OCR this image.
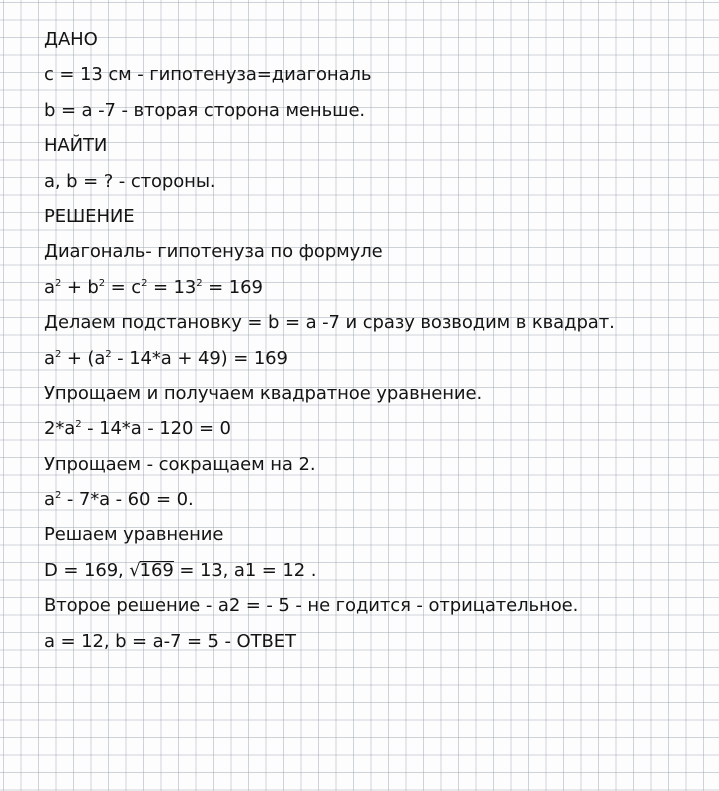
ДАНО
с = 13 см - гипотенуза=диагональ
b = а -7 - вторая сторона меньше.
НАЙТИ
а, b = ? - стороны.
РЕШЕНИЕ
Диагональ- гипотенуза по формуле
$а^2 + b^2 = с^2 = 13^2 = 169$
Делаем подстановку = b = а -7 и сразу возводим в квадрат.
$а^2 + (а^2 - 14*а + 49) = 169$
Упрощаем и получаем квадратное уравнение.
$2*а^2 - 14*а - 120 = 0$
Упрощаем - сокращаем на 2.
$а^2 - 7*а - 60 = 0$.
Решаем уравнение
D = 169, √169 = 13, а1 = 12 .
Второе решение - а2 = - 5 - не годится - отрицательное.
а = 12, b = а-7 = 5 - ОТВЕТ
